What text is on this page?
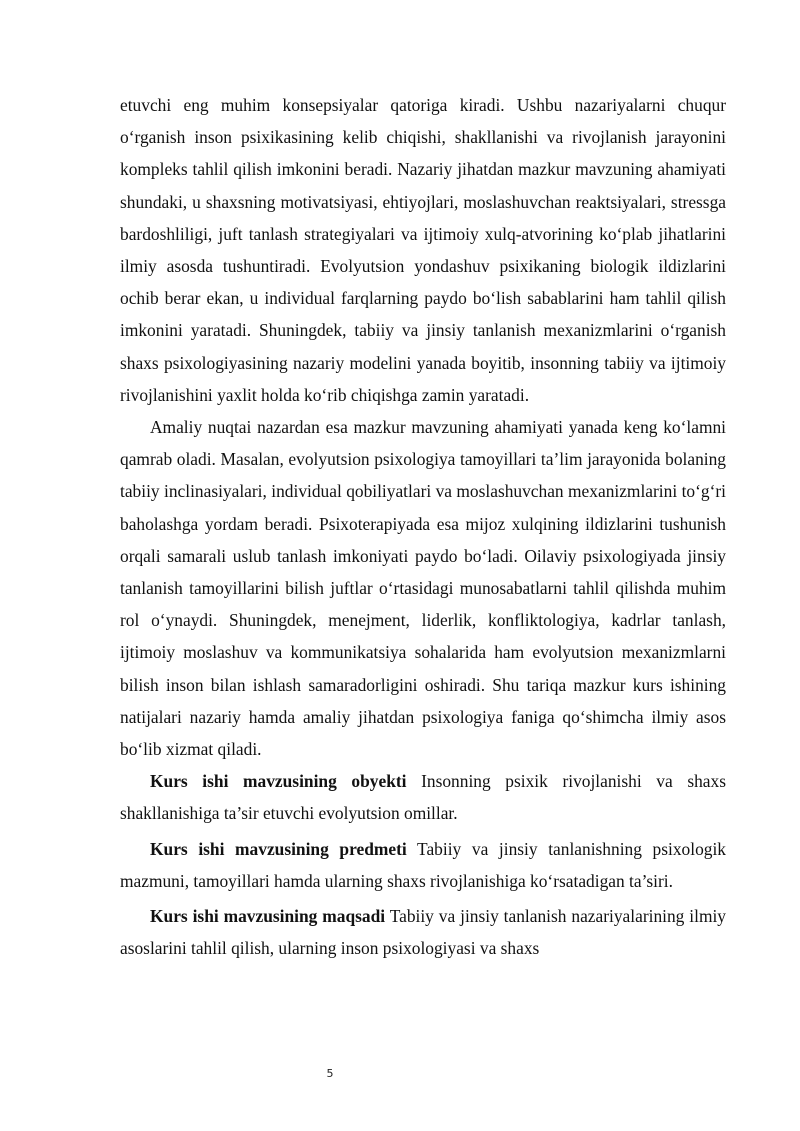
etuvchi eng muhim konsepsiyalar qatoriga kiradi. Ushbu nazariyalarni chuqur o‘rganish inson psixikasining kelib chiqishi, shakllanishi va rivojlanish jarayonini kompleks tahlil qilish imkonini beradi. Nazariy jihatdan mazkur mavzuning ahamiyati shundaki, u shaxsning motivatsiyasi, ehtiyojlari, moslashuvchan reaktsiyalari, stressga bardoshliligi, juft tanlash strategiyalari va ijtimoiy xulq-atvorining ko‘plab jihatlarini ilmiy asosda tushuntiradi. Evolyutsion yondashuv psixikaning biologik ildizlarini ochib berar ekan, u individual farqlarning paydo bo‘lish sabablarini ham tahlil qilish imkonini yaratadi. Shuningdek, tabiiy va jinsiy tanlanish mexanizmlarini o‘rganish shaxs psixologiyasining nazariy modelini yanada boyitib, insonning tabiiy va ijtimoiy rivojlanishini yaxlit holda ko‘rib chiqishga zamin yaratadi.

Amaliy nuqtai nazardan esa mazkur mavzuning ahamiyati yanada keng ko‘lamni qamrab oladi. Masalan, evolyutsion psixologiya tamoyillari ta’lim jarayonida bolaning tabiiy inclinasiyalari, individual qobiliyatlari va moslashuvchan mexanizmlarini to‘g‘ri baholashga yordam beradi. Psixoterapiyada esa mijoz xulqining ildizlarini tushunish orqali samarali uslub tanlash imkoniyati paydo bo‘ladi. Oilaviy psixologiyada jinsiy tanlanish tamoyillarini bilish juftlar o‘rtasidagi munosabatlarni tahlil qilishda muhim rol o‘ynaydi. Shuningdek, menejment, liderlik, konfliktologiya, kadrlar tanlash, ijtimoiy moslashuv va kommunikatsiya sohalarida ham evolyutsion mexanizmlarni bilish inson bilan ishlash samaradorligini oshiradi. Shu tariqa mazkur kurs ishining natijalari nazariy hamda amaliy jihatdan psixologiya faniga qo‘shimcha ilmiy asos bo‘lib xizmat qiladi.

Kurs ishi mavzusining obyekti Insonning psixik rivojlanishi va shaxs shakllanishiga ta’sir etuvchi evolyutsion omillar.

Kurs ishi mavzusining predmeti Tabiiy va jinsiy tanlanishning psixologik mazmuni, tamoyillari hamda ularning shaxs rivojlanishiga ko‘rsatadigan ta’siri.

Kurs ishi mavzusining maqsadi Tabiiy va jinsiy tanlanish nazariyalarining ilmiy asoslarini tahlil qilish, ularning inson psixologiyasi va shaxs

5
